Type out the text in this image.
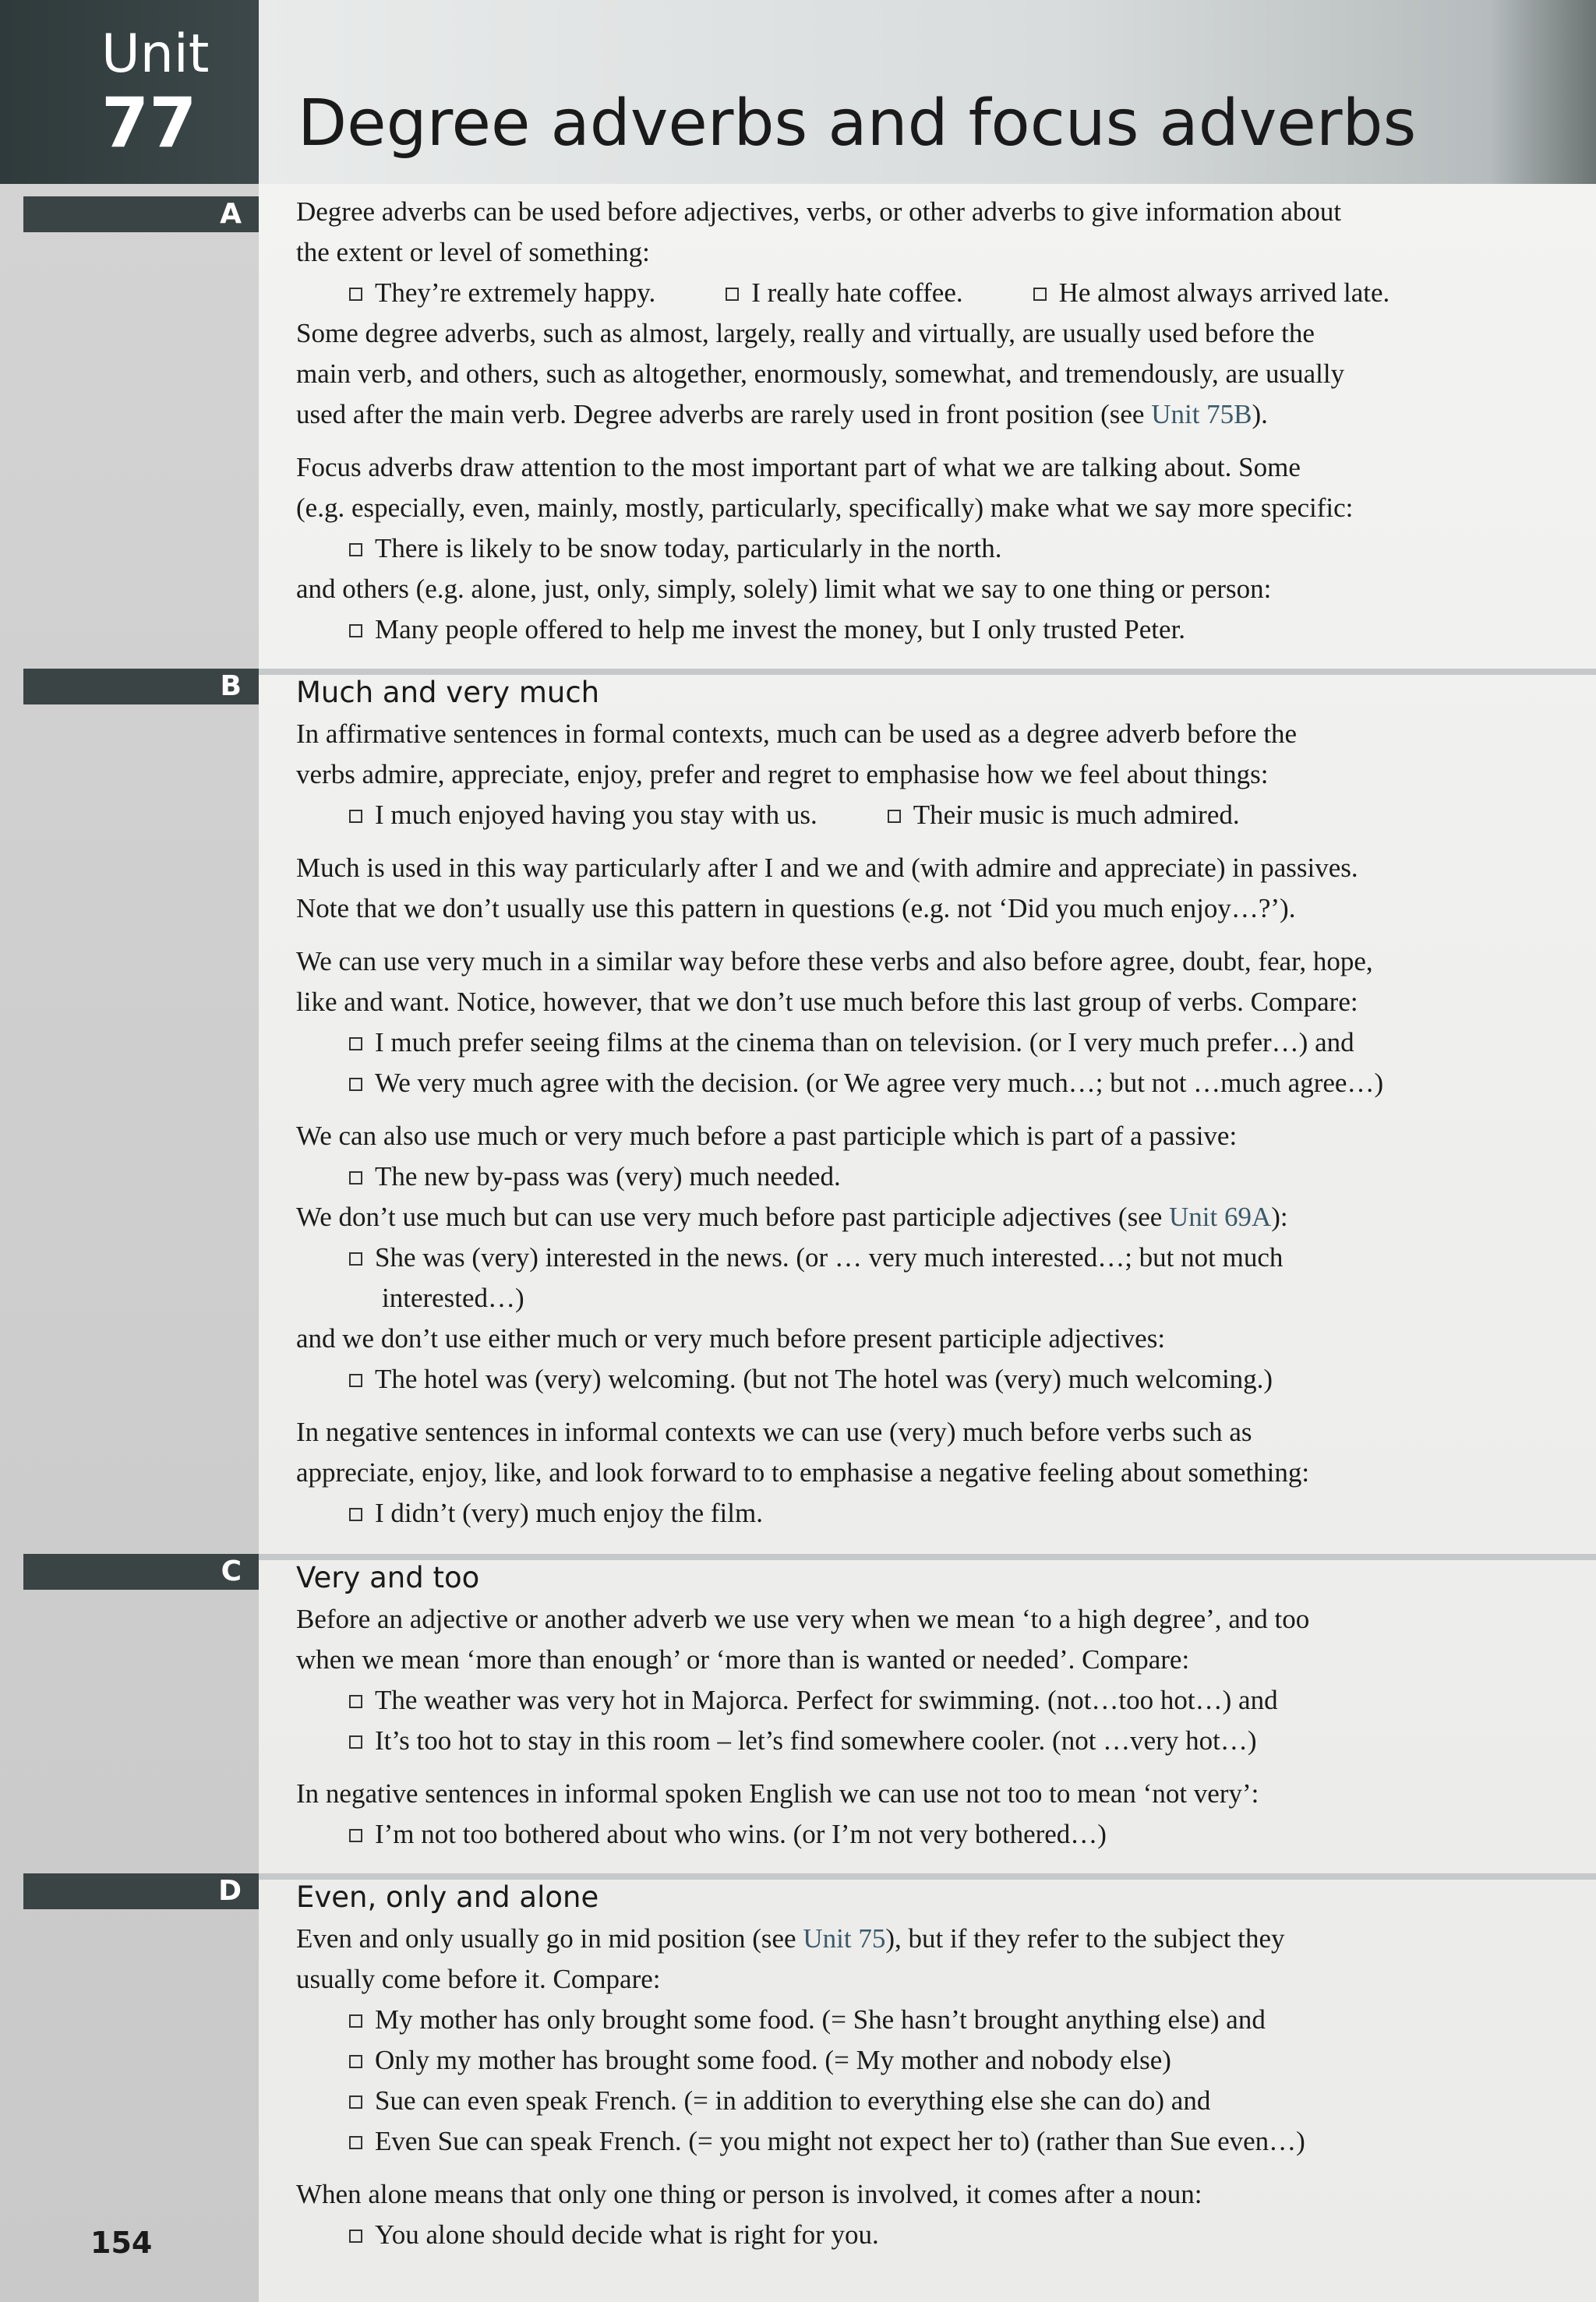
Unit
77 Degree adverbs and focus adverbs
A
B
C
D
154

Degree adverbs can be used before adjectives, verbs, or other adverbs to give information about

the extent or level of something:

They’re extremely happy.	I really hate coffee.	He almost always arrived late.

Some degree adverbs, such as almost, largely, really and virtually, are usually used before the

main verb, and others, such as altogether, enormously, somewhat, and tremendously, are usually

used after the main verb. Degree adverbs are rarely used in front position (see Unit 75B).

Focus adverbs draw attention to the most important part of what we are talking about. Some

(e.g. especially, even, mainly, mostly, particularly, specifically) make what we say more specific:

There is likely to be snow today, particularly in the north.

and others (e.g. alone, just, only, simply, solely) limit what we say to one thing or person:

Many people offered to help me invest the money, but I only trusted Peter.

Much and very much

In affirmative sentences in formal contexts, much can be used as a degree adverb before the

verbs admire, appreciate, enjoy, prefer and regret to emphasise how we feel about things:

I much enjoyed having you stay with us.	Their music is much admired.

Much is used in this way particularly after I and we and (with admire and appreciate) in passives.

Note that we don’t usually use this pattern in questions (e.g. not ‘Did you much enjoy…?’).

We can use very much in a similar way before these verbs and also before agree, doubt, fear, hope,

like and want. Notice, however, that we don’t use much before this last group of verbs. Compare:

I much prefer seeing films at the cinema than on television. (or I very much prefer…) and

We very much agree with the decision. (or We agree very much…; but not …much agree…)

We can also use much or very much before a past participle which is part of a passive:

The new by-pass was (very) much needed.

We don’t use much but can use very much before past participle adjectives (see Unit 69A):

She was (very) interested in the news. (or … very much interested…; but not much

interested…)

and we don’t use either much or very much before present participle adjectives:

The hotel was (very) welcoming. (but not The hotel was (very) much welcoming.)

In negative sentences in informal contexts we can use (very) much before verbs such as

appreciate, enjoy, like, and look forward to to emphasise a negative feeling about something:

I didn’t (very) much enjoy the film.

Very and too

Before an adjective or another adverb we use very when we mean ‘to a high degree’, and too

when we mean ‘more than enough’ or ‘more than is wanted or needed’. Compare:

The weather was very hot in Majorca. Perfect for swimming. (not…too hot…) and

It’s too hot to stay in this room – let’s find somewhere cooler. (not …very hot…)

In negative sentences in informal spoken English we can use not too to mean ‘not very’:

I’m not too bothered about who wins. (or I’m not very bothered…)

Even, only and alone

Even and only usually go in mid position (see Unit 75), but if they refer to the subject they

usually come before it. Compare:

My mother has only brought some food. (= She hasn’t brought anything else) and

Only my mother has brought some food. (= My mother and nobody else)

Sue can even speak French. (= in addition to everything else she can do) and

Even Sue can speak French. (= you might not expect her to) (rather than Sue even…)

When alone means that only one thing or person is involved, it comes after a noun:

You alone should decide what is right for you.
